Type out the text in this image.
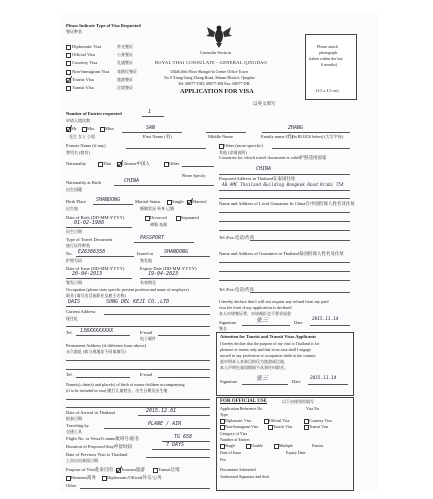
Please Indicate Type of Visa Requested
签证种类
Diplomatic Visa	外交签证
Official Visa	公务签证
Courtesy Visa	礼遇签证
Non-Immigrant Visa 非移民签证
Tourist Visa	旅游签证
Transit Visa	过境签证
Consular Section
ROYAL THAI CONSULATE - GENERAL QINGDAO
15th&16th Floor Shangri-la Centre Office Tower
No.9 Xiang Gang Zhong Road, Shinan District, Qingdao
Tel: 68077-TSD; 68077-DH Fax: 68077-DH
APPLICATION FOR VISA
以英文填写
Please attach
photograph
(taken within the last
6 months)
(3.5 x 4.5 cm)
Number of Entries requested	1
申请入境次数
Mr. Mrs. Miss	SAN	ZHANG
先生 女士 小姐	First Name (名)	Middle Name	Family name (姓)
(In BLOCK letters) (大写字母)
Former Name (if any)
曾用名 (如有)
Other (more specific)
其他 (详细说明)
Nationality	Thai Chinese中国人	Other
Countries for which travel document is valid护照适用国家
CHINA
Please Specify
Nationality at Birth	CHINA
出生国籍
Proposed Address in Thailand在泰国住址
AB AMC Thailand Building Bangkok Road Krabi 754
Name and Address of Local Guarantor In China在中国担保人姓名及住址
Birth Place SHANDONG	Marital Status	Single Married
出生地	婚姻状况 单身 已婚
Date of Birth (DD-MM-YYYY)	Divorced	Separated
01-02-1988
出生日期
离婚 丧偶
Type of Travel Document	PASSPORT
旅行证件种类
No. E26386358	Issued at SHANDONG
护照号码	签发地
Date of Issue (DD-MM-YYYY)	Expiry Date (DD-MM-YYYY)
20-04-2013	19-04-2023
签发日期	有效期至
Tel./Fax.电话/传真
Name and Address of Guarantor in Thailand泰国担保人姓名及住址
Occupation (please state specific present position and name of employer)
职业 (请写出目前职业及雇主名称)
DAIS	SONG DEL KEJI CO.,LTD
Tel./Fax.电话/传真
I hereby declare that I will not request any refund from my paid
visa fee even if my application is declined.
本人申请签证费，申请被拒也不要求退款
Current Address
现住址
Signature	张三
签名
Date
2015.11.14
Tel. 138XXXXXXXX	E-mail
电子邮件
Permanent Address (if different from above)
永久地址 (如与现地址不同请填写)
Tel.	E-mail
Name(s), date(s) and place(s) of birth of minor children accompanying
(if to be included in visa) 随行儿童姓名，出生日期及出生地
Attention for Tourist and Transit Visas Applicants
I hereby declare that the purpose of my visit to Thailand is for
pleasure or transit only and that in no case shall I engage
myself in any profession or occupation while in the country.
兹申明本人来泰目的仅为旅游或过境，
本人声明在泰国期间不从事任何职业。
Signature	张三	Date
2015.11.14
FOR OFFICIAL USE	以下由使领馆填写
Application Reference No.	Visa No.
Type
Diplomatic Visa	Official Visa	Courtesy Visa
Non-Immigrant Visa	Tourist Visa	Transit Visa
Category of Visa
Number of Entries
Single	Double	Multiple	Entries
Date of Issue	Expiry Date
Fee
Documents Submitted
Authorized Signature and Seal
Date of Arrival in Thailand	2015.12.01
抵泰日期
Traveling by	PLANE / AIR
交通工具
Flight No. or Vessel's name航班号/船名	TG 658
Duration of Proposed Stay停留时间	7 DAYS
Date of Previous Visit to Thailand
上次访问泰国日期
Purpose of Visit赴泰目的 Tourism旅游	Transit过境
Business商务 Diplomatic/Official外交/公务
Other
